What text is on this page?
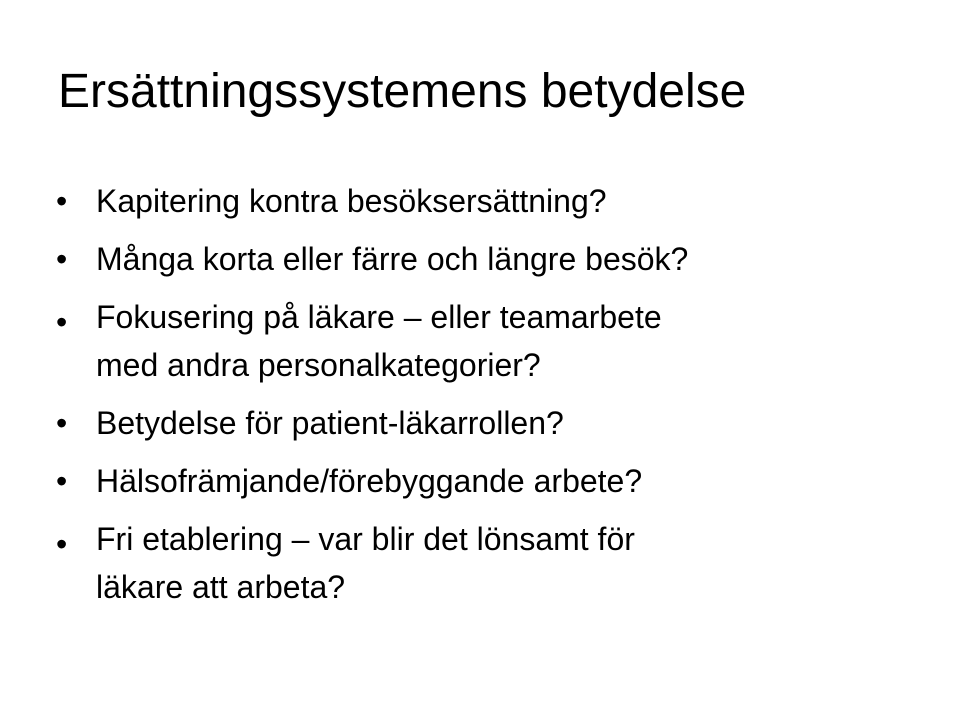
Ersättningssystemens betydelse
• Kapitering kontra besöksersättning?
• Många korta eller färre och längre besök?
• Fokusering på läkare – eller teamarbete
med andra personalkategorier?
• Betydelse för patient-läkarrollen?
• Hälsofrämjande/förebyggande arbete?
• Fri etablering – var blir det lönsamt för
läkare att arbeta?
